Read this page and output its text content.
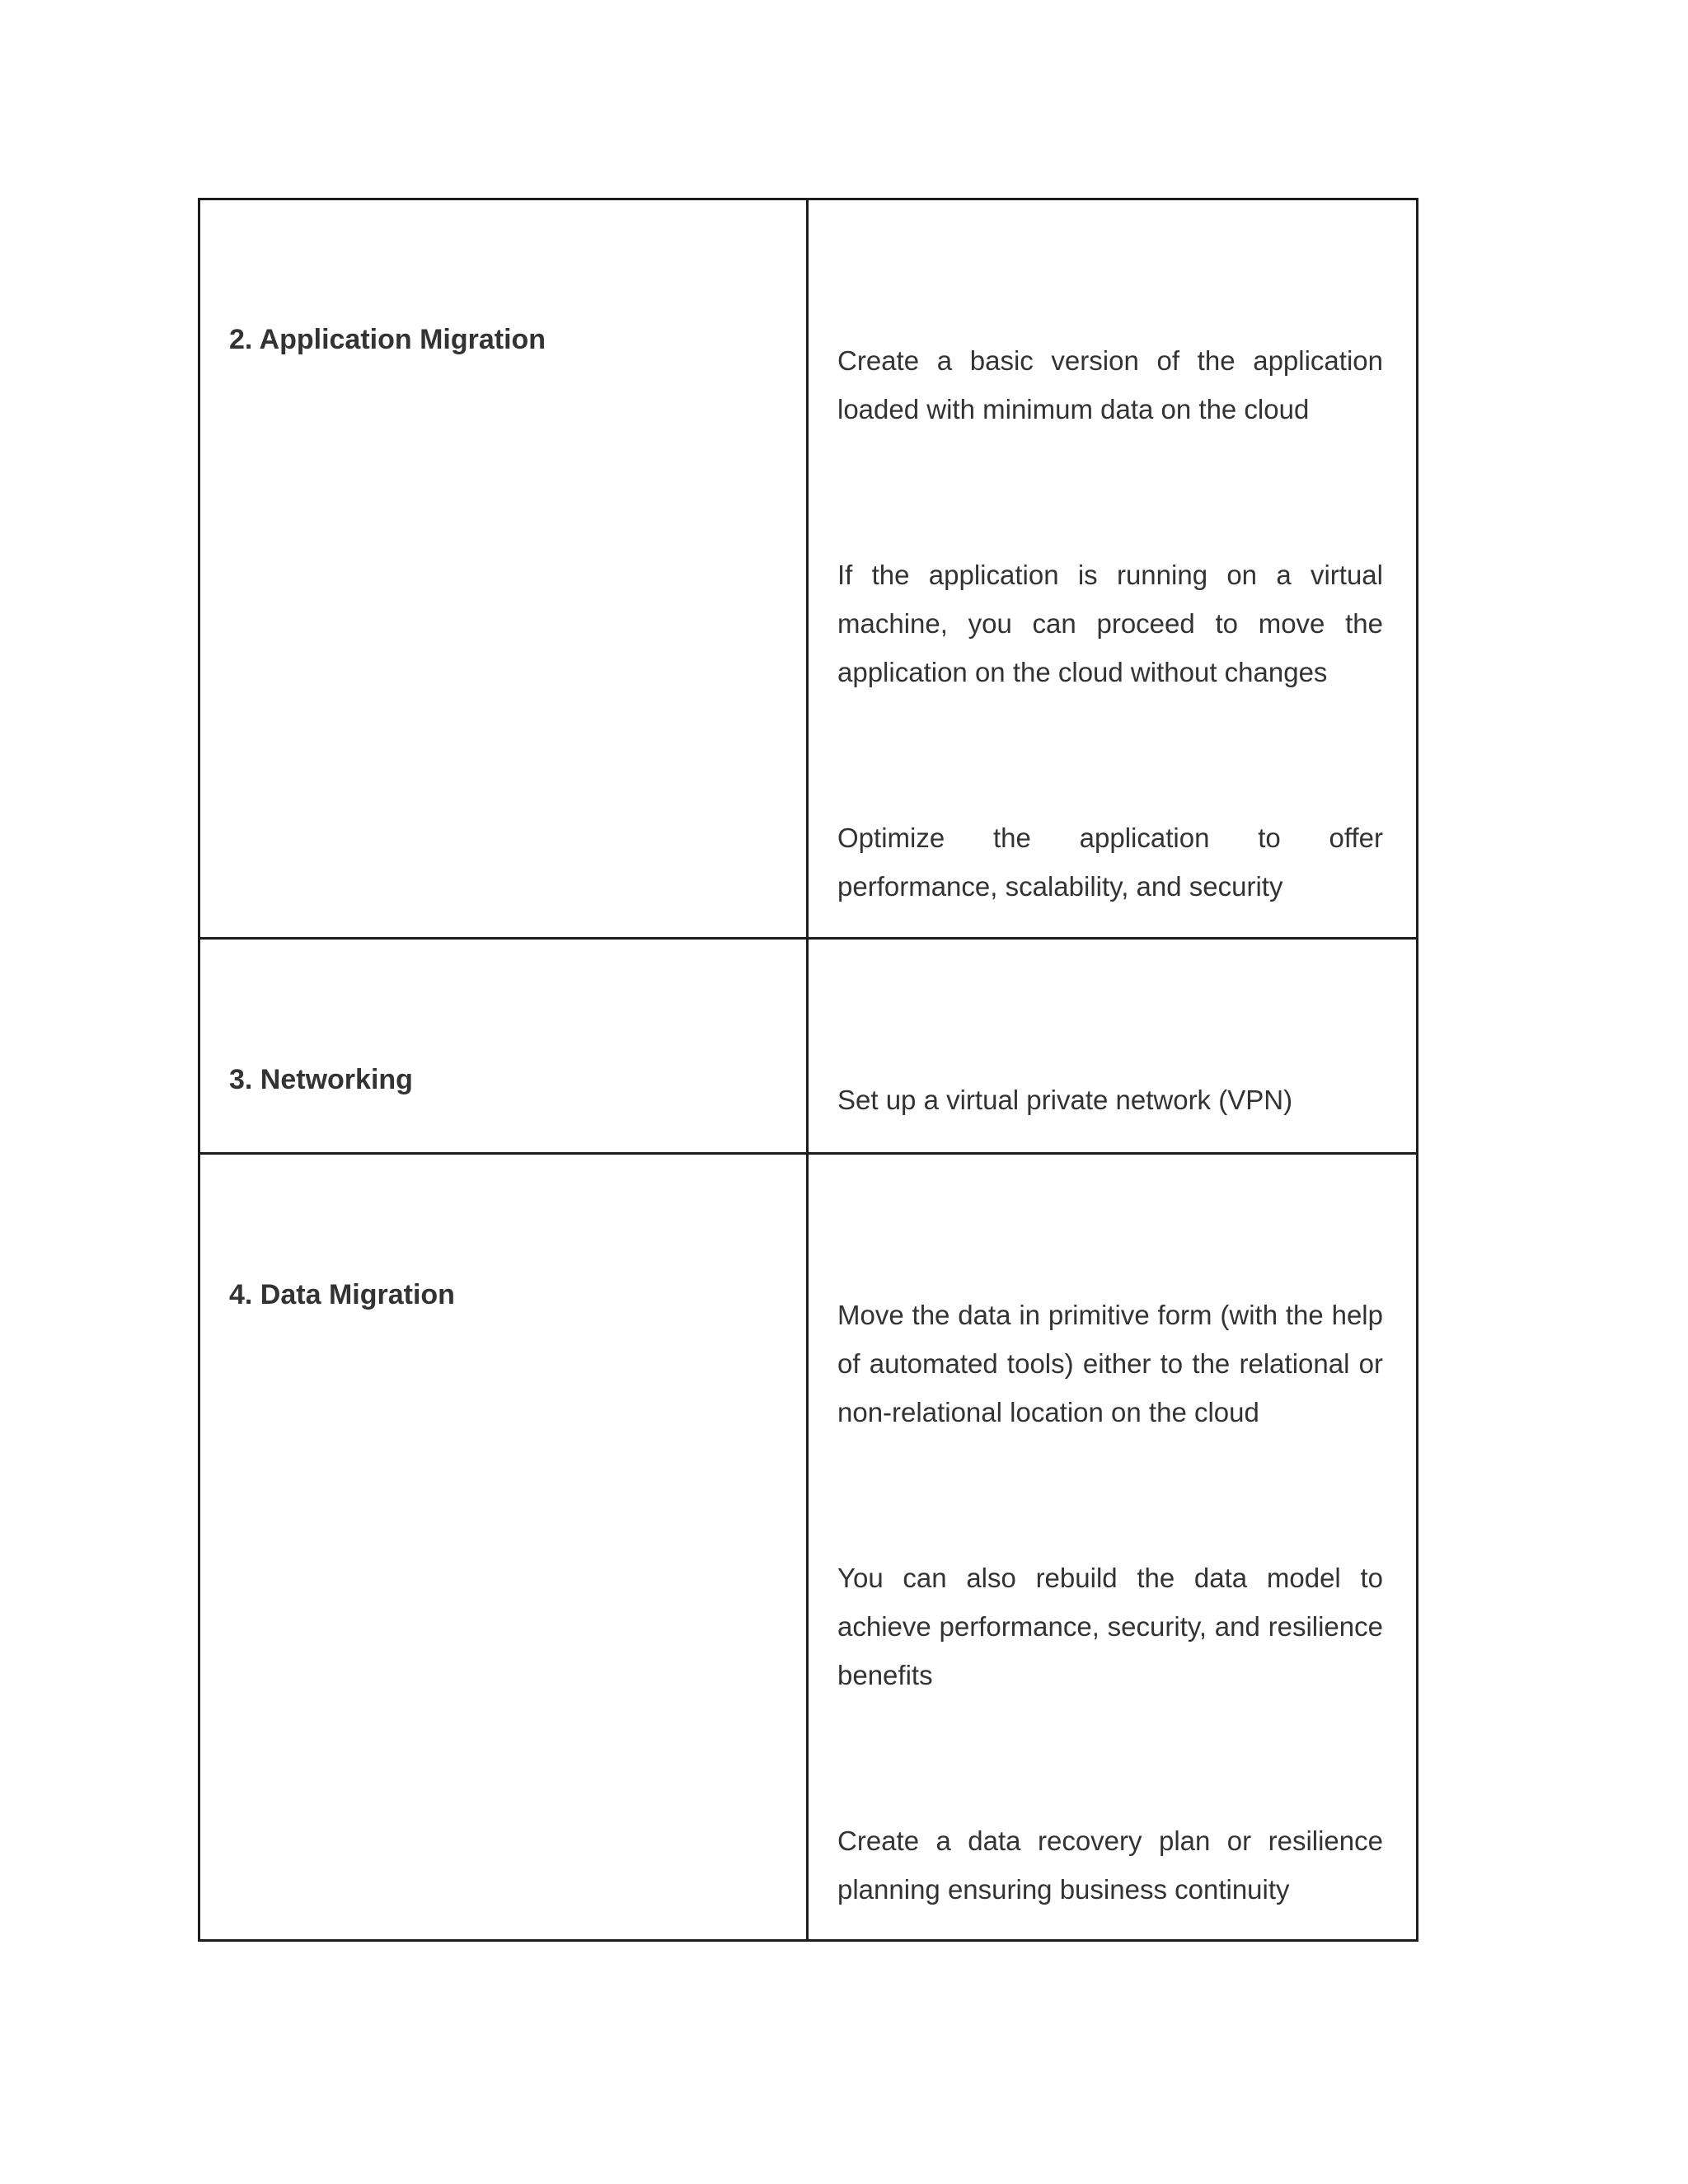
2. Application Migration	Create a basic version of the application loaded with minimum data on the cloud

If the application is running on a virtual machine, you can proceed to move the application on the cloud without changes

Optimize the application to offer performance, scalability, and security

3. Networking	Set up a virtual private network (VPN)

4. Data Migration	Move the data in primitive form (with the help of automated tools) either to the relational or non-relational location on the cloud

You can also rebuild the data model to achieve performance, security, and resilience benefits

Create a data recovery plan or resilience planning ensuring business continuity
